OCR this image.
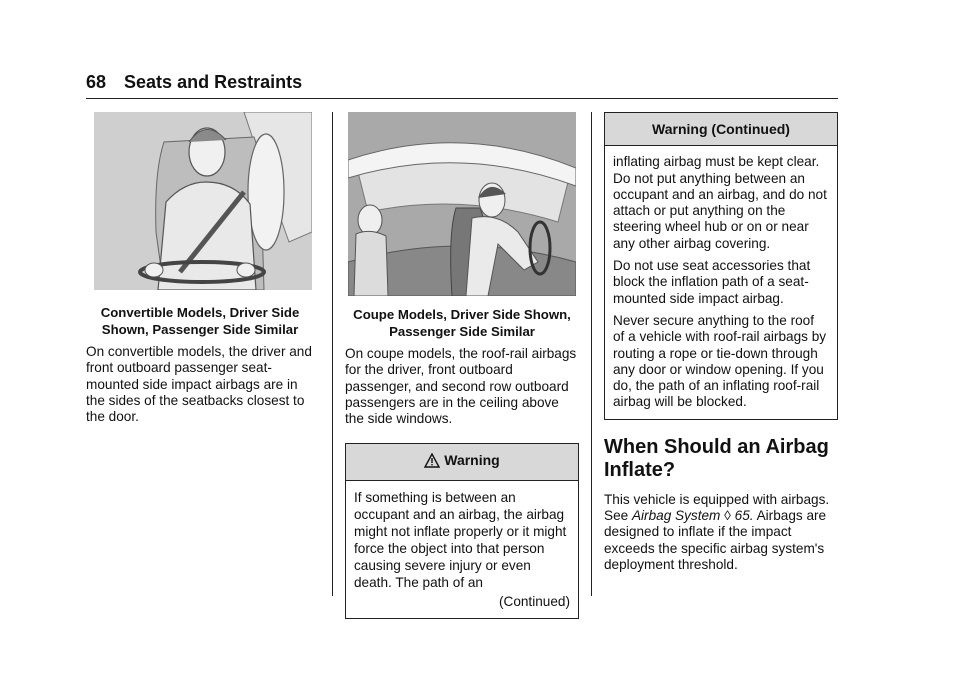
68 Seats and Restraints
Convertible Models, Driver Side
Shown, Passenger Side Similar

On convertible models, the driver and front outboard passenger seat-mounted side impact airbags are in the sides of the seatbacks closest to the door.

Coupe Models, Driver Side Shown,
Passenger Side Similar

On coupe models, the roof-rail airbags for the driver, front outboard passenger, and second row outboard passengers are in the ceiling above the side windows.

Warning

If something is between an occupant and an airbag, the airbag might not inflate properly or it might force the object into that person causing severe injury or even death. The path of an

(Continued)
Warning (Continued)

inflating airbag must be kept clear. Do not put anything between an occupant and an airbag, and do not attach or put anything on the steering wheel hub or on or near any other airbag covering.

Do not use seat accessories that block the inflation path of a seat-mounted side impact airbag.

Never secure anything to the roof of a vehicle with roof-rail airbags by routing a rope or tie-down through any door or window opening. If you do, the path of an inflating roof-rail airbag will be blocked.

When Should an Airbag Inflate?

This vehicle is equipped with airbags. See Airbag System ◊ 65. Airbags are designed to inflate if the impact exceeds the specific airbag system's deployment threshold.
